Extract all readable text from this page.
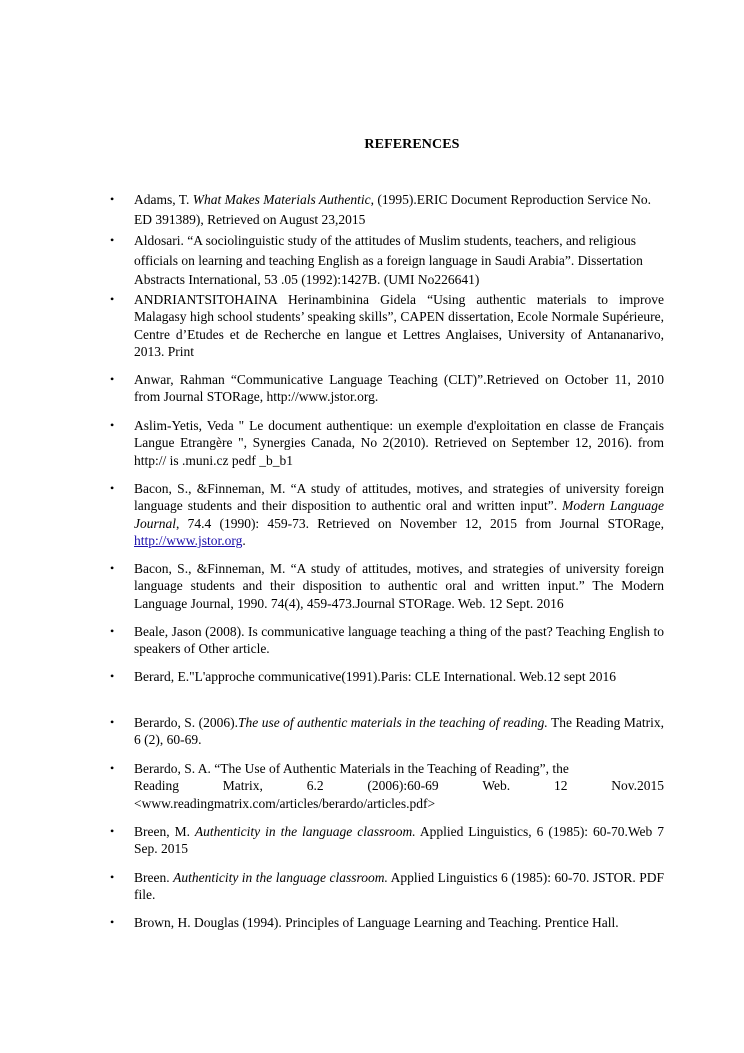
REFERENCES
• Adams, T. What Makes Materials Authentic, (1995).ERIC Document Reproduction Service No. ED 391389), Retrieved on August 23,2015
• Aldosari. “A sociolinguistic study of the attitudes of Muslim students, teachers, and religious officials on learning and teaching English as a foreign language in Saudi Arabia”. Dissertation Abstracts International, 53 .05 (1992):1427B. (UMI No226641)
• ANDRIANTSITOHAINA Herinambinina Gidela “Using authentic materials to improve Malagasy high school students’ speaking skills”, CAPEN dissertation, Ecole Normale Supérieure, Centre d’Etudes et de Recherche en langue et Lettres Anglaises, University of Antananarivo, 2013. Print
• Anwar, Rahman “Communicative Language Teaching (CLT)”.Retrieved on October 11, 2010 from Journal STORage, http://www.jstor.org.
• Aslim-Yetis, Veda " Le document authentique: un exemple d'exploitation en classe de Français Langue Etrangère ", Synergies Canada, No 2(2010). Retrieved on September 12, 2016). from http:// is .muni.cz pedf _b_b1
• Bacon, S., &Finneman, M. “A study of attitudes, motives, and strategies of university foreign language students and their disposition to authentic oral and written input”. Modern Language Journal, 74.4 (1990): 459-73. Retrieved on November 12, 2015 from Journal STORage, http://www.jstor.org.
• Bacon, S., &Finneman, M. “A study of attitudes, motives, and strategies of university foreign language students and their disposition to authentic oral and written input.” The Modern Language Journal, 1990. 74(4), 459-473.Journal STORage. Web. 12 Sept. 2016
• Beale, Jason (2008). Is communicative language teaching a thing of the past? Teaching English to speakers of Other article.
• Berard, E."L'approche communicative(1991).Paris: CLE International. Web.12 sept 2016
• Berardo, S. (2006).The use of authentic materials in the teaching of reading. The Reading Matrix, 6 (2), 60-69.
• Berardo, S. A. “The Use of Authentic Materials in the Teaching of Reading”, the
Reading	Matrix,	6.2	(2006):60-69	Web.	12	Nov.2015
<www.readingmatrix.com/articles/berardo/articles.pdf>
• Breen, M. Authenticity in the language classroom. Applied Linguistics, 6 (1985): 60-70.Web 7 Sep. 2015
• Breen. Authenticity in the language classroom. Applied Linguistics 6 (1985): 60-70. JSTOR. PDF file.
• Brown, H. Douglas (1994). Principles of Language Learning and Teaching. Prentice Hall.
